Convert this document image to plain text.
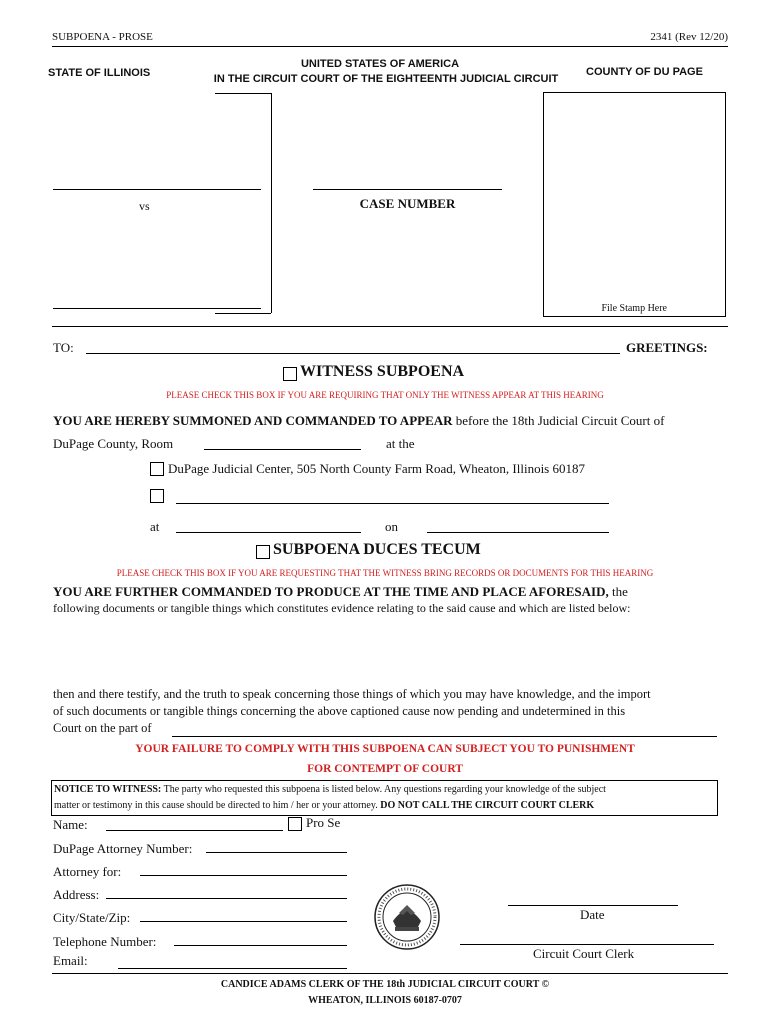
SUBPOENA - PROSE	2341 (Rev 12/20)
STATE OF ILLINOIS
UNITED STATES OF AMERICA
IN THE CIRCUIT COURT OF THE EIGHTEENTH JUDICIAL CIRCUIT
COUNTY OF DU PAGE
vs	CASE NUMBER
File Stamp Here
TO:	GREETINGS:
WITNESS SUBPOENA
PLEASE CHECK THIS BOX IF YOU ARE REQUIRING THAT ONLY THE WITNESS APPEAR AT THIS HEARING
YOU ARE HEREBY SUMMONED AND COMMANDED TO APPEAR before the 18th Judicial Circuit Court of
DuPage County, Room	at the
DuPage Judicial Center, 505 North County Farm Road, Wheaton, Illinois 60187
at	on
SUBPOENA DUCES TECUM
PLEASE CHECK THIS BOX IF YOU ARE REQUESTING THAT THE WITNESS BRING RECORDS OR DOCUMENTS FOR THIS HEARING
YOU ARE FURTHER COMMANDED TO PRODUCE AT THE TIME AND PLACE AFORESAID, the
following documents or tangible things which constitutes evidence relating to the said cause and which are listed below:
then and there testify, and the truth to speak concerning those things of which you may have knowledge, and the import
of such documents or tangible things concerning the above captioned cause now pending and undetermined in this
Court on the part of
YOUR FAILURE TO COMPLY WITH THIS SUBPOENA CAN SUBJECT YOU TO PUNISHMENT
FOR CONTEMPT OF COURT
NOTICE TO WITNESS: The party who requested this subpoena is listed below. Any questions regarding your knowledge of the subject
matter or testimony in this cause should be directed to him / her or your attorney. DO NOT CALL THE CIRCUIT COURT CLERK
Name:	Pro Se
DuPage Attorney Number:
Attorney for:
Address:
City/State/Zip:
Telephone Number:
Email:
Date
Circuit Court Clerk
CANDICE ADAMS CLERK OF THE 18th JUDICIAL CIRCUIT COURT ©
WHEATON, ILLINOIS 60187-0707
